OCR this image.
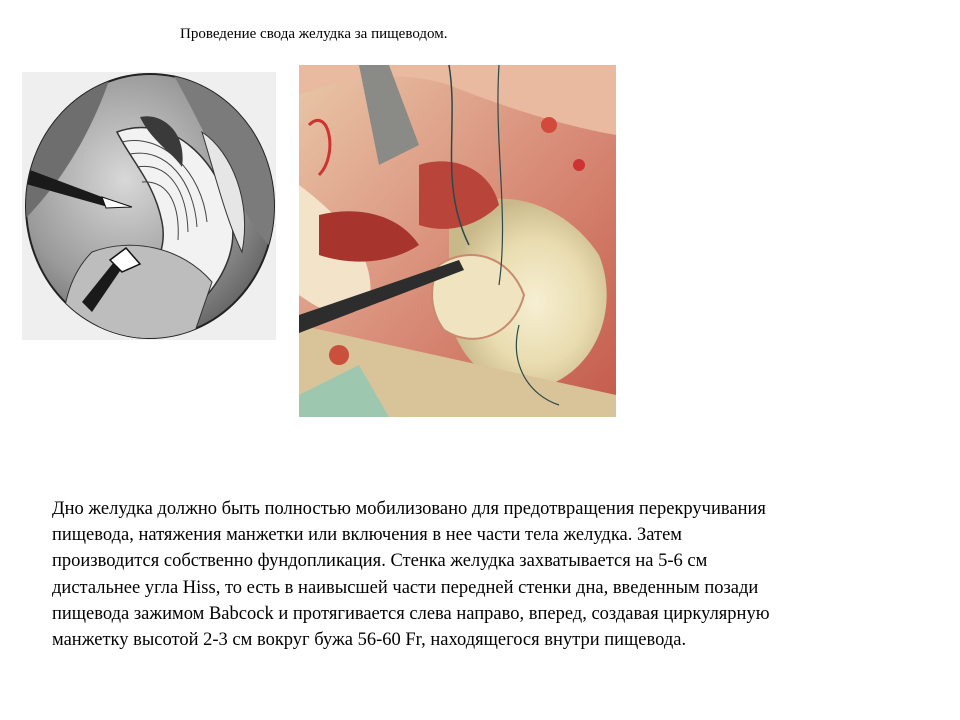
Проведение свода желудка за пищеводом.
Дно желудка должно быть полностью мобилизовано для предотвращения перекручивания
пищевода, натяжения манжетки или включения в нее части тела желудка. Затем
производится собственно фундопликация. Стенка желудка захватывается на 5-6 см
дистальнее угла Hiss, то есть в наивысшей части передней стенки дна, введенным позади
пищевода зажимом Babcock и протягивается слева направо, вперед, создавая циркулярную
манжетку высотой 2-3 см вокруг бужа 56-60 Fr, находящегося внутри пищевода.
